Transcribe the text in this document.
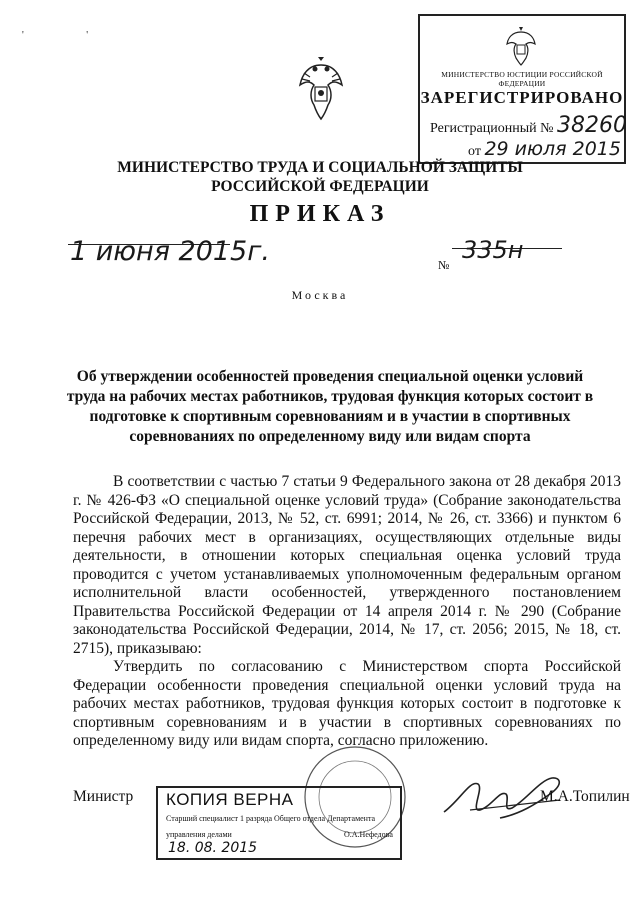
' '
МИНИСТЕРСТВО ЮСТИЦИИ РОССИЙСКОЙ ФЕДЕРАЦИИ
ЗАРЕГИСТРИРОВАНО
Регистрационный № 38260
от 29 июля 2015
МИНИСТЕРСТВО ТРУДА И СОЦИАЛЬНОЙ ЗАЩИТЫ
РОССИЙСКОЙ ФЕДЕРАЦИИ
ПРИКАЗ
1 июня 2015г.	№
335н
Москва
Об утверждении особенностей проведения специальной оценки условий труда на рабочих местах работников, трудовая функция которых состоит в подготовке к спортивным соревнованиям и в участии в спортивных соревнованиях по определенному виду или видам спорта
В соответствии с частью 7 статьи 9 Федерального закона от 28 декабря 2013 г. № 426-ФЗ «О специальной оценке условий труда» (Собрание законодательства Российской Федерации, 2013, № 52, ст. 6991; 2014, № 26, ст. 3366) и пунктом 6 перечня рабочих мест в организациях, осуществляющих отдельные виды деятельности, в отношении которых специальная оценка условий труда проводится с учетом устанавливаемых уполномоченным федеральным органом исполнительной власти особенностей, утвержденного постановлением Правительства Российской Федерации от 14 апреля 2014 г. № 290 (Собрание законодательства Российской Федерации, 2014, № 17, ст. 2056; 2015, № 18, ст. 2715), приказываю:
Утвердить по согласованию с Министерством спорта Российской Федерации особенности проведения специальной оценки условий труда на рабочих местах работников, трудовая функция которых состоит в подготовке к спортивным соревнованиям и в участии в спортивных соревнованиях по определенному виду или видам спорта, согласно приложению.
Министр КОПИЯ ВЕРНА
Старший специалист 1 разряда Общего отдела Департамента
управления делами	О.А.Нефедова
18. 08. 2015
М.А.Топилин
